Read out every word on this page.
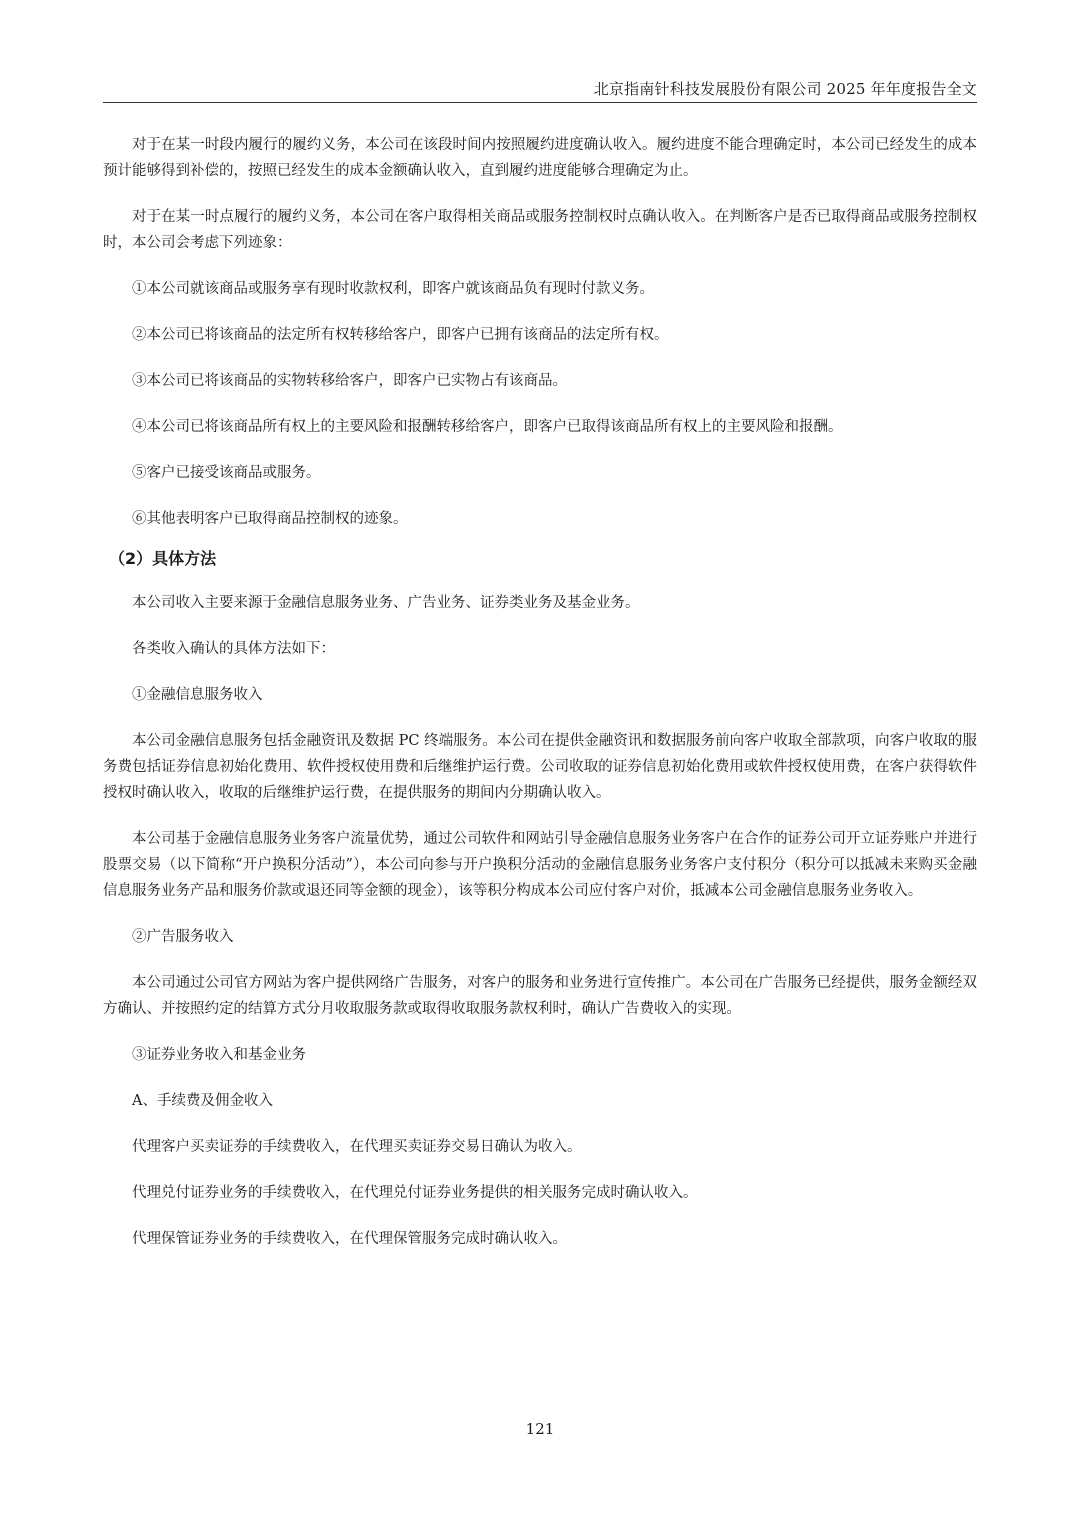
北京指南针科技发展股份有限公司 2025 年年度报告全文

对于在某一时段内履行的履约义务，本公司在该段时间内按照履约进度确认收入。履约进度不能合理确定时，本公司已经发生的成本预计能够得到补偿的，按照已经发生的成本金额确认收入，直到履约进度能够合理确定为止。

对于在某一时点履行的履约义务，本公司在客户取得相关商品或服务控制权时点确认收入。在判断客户是否已取得商品或服务控制权时，本公司会考虑下列迹象：

①本公司就该商品或服务享有现时收款权利，即客户就该商品负有现时付款义务。

②本公司已将该商品的法定所有权转移给客户，即客户已拥有该商品的法定所有权。

③本公司已将该商品的实物转移给客户，即客户已实物占有该商品。

④本公司已将该商品所有权上的主要风险和报酬转移给客户，即客户已取得该商品所有权上的主要风险和报酬。

⑤客户已接受该商品或服务。

⑥其他表明客户已取得商品控制权的迹象。

（2）具体方法

本公司收入主要来源于金融信息服务业务、广告业务、证券类业务及基金业务。

各类收入确认的具体方法如下：

①金融信息服务收入

本公司金融信息服务包括金融资讯及数据 PC 终端服务。本公司在提供金融资讯和数据服务前向客户收取全部款项，向客户收取的服务费包括证券信息初始化费用、软件授权使用费和后继维护运行费。公司收取的证券信息初始化费用或软件授权使用费，在客户获得软件授权时确认收入，收取的后继维护运行费，在提供服务的期间内分期确认收入。

本公司基于金融信息服务业务客户流量优势，通过公司软件和网站引导金融信息服务业务客户在合作的证券公司开立证券账户并进行股票交易（以下简称“开户换积分活动”），本公司向参与开户换积分活动的金融信息服务业务客户支付积分（积分可以抵减未来购买金融信息服务业务产品和服务价款或退还同等金额的现金），该等积分构成本公司应付客户对价，抵减本公司金融信息服务业务收入。

②广告服务收入

本公司通过公司官方网站为客户提供网络广告服务，对客户的服务和业务进行宣传推广。本公司在广告服务已经提供，服务金额经双方确认、并按照约定的结算方式分月收取服务款或取得收取服务款权利时，确认广告费收入的实现。

③证券业务收入和基金业务

A、手续费及佣金收入

代理客户买卖证券的手续费收入，在代理买卖证券交易日确认为收入。

代理兑付证券业务的手续费收入，在代理兑付证券业务提供的相关服务完成时确认收入。

代理保管证券业务的手续费收入，在代理保管服务完成时确认收入。

121
